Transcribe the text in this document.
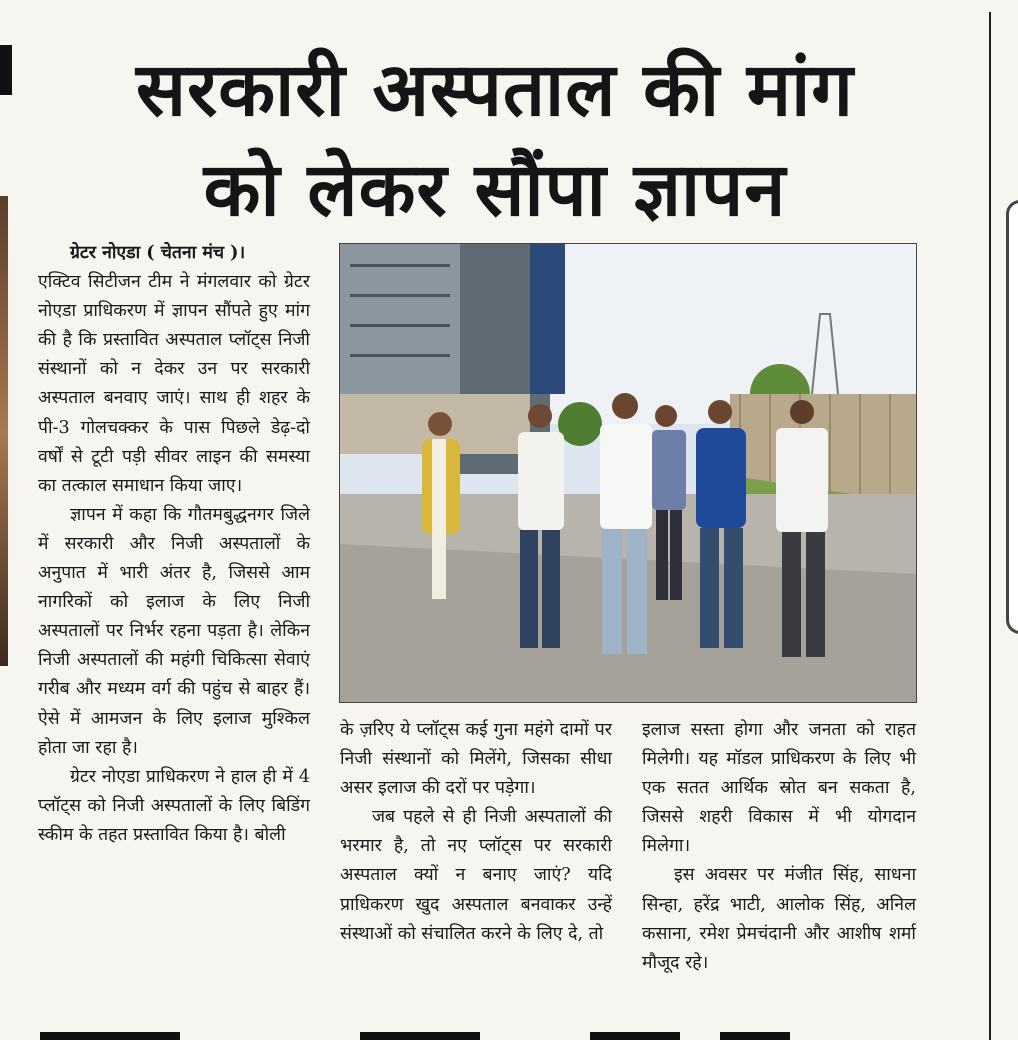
सरकारी अस्पताल की मांग
को लेकर सौंपा ज्ञापन

ग्रेटर नोएडा ( चेतना मंच )।

एक्टिव सिटीजन टीम ने मंगलवार को ग्रेटर नोएडा प्राधिकरण में ज्ञापन सौंपते हुए मांग की है कि प्रस्तावित अस्पताल प्लॉट्स निजी संस्थानों को न देकर उन पर सरकारी अस्पताल बनवाए जाएं। साथ ही शहर के पी-3 गोलचक्कर के पास पिछले डेढ़-दो वर्षों से टूटी पड़ी सीवर लाइन की समस्या का तत्काल समाधान किया जाए।

ज्ञापन में कहा कि गौतमबुद्धनगर जिले में सरकारी और निजी अस्पतालों के अनुपात में भारी अंतर है, जिससे आम नागरिकों को इलाज के लिए निजी अस्पतालों पर निर्भर रहना पड़ता है। लेकिन निजी अस्पतालों की महंगी चिकित्सा सेवाएं गरीब और मध्यम वर्ग की पहुंच से बाहर हैं। ऐसे में आमजन के लिए इलाज मुश्किल होता जा रहा है।

ग्रेटर नोएडा प्राधिकरण ने हाल ही में 4 प्लॉट्स को निजी अस्पतालों के लिए बिडिंग स्कीम के तहत प्रस्तावित किया है। बोली

के ज़रिए ये प्लॉट्स कई गुना महंगे दामों पर निजी संस्थानों को मिलेंगे, जिसका सीधा असर इलाज की दरों पर पड़ेगा।

जब पहले से ही निजी अस्पतालों की भरमार है, तो नए प्लॉट्स पर सरकारी अस्पताल क्यों न बनाए जाएं? यदि प्राधिकरण खुद अस्पताल बनवाकर उन्हें संस्थाओं को संचालित करने के लिए दे, तो

इलाज सस्ता होगा और जनता को राहत मिलेगी। यह मॉडल प्राधिकरण के लिए भी एक सतत आर्थिक स्रोत बन सकता है, जिससे शहरी विकास में भी योगदान मिलेगा।

इस अवसर पर मंजीत सिंह, साधना सिन्हा, हरेंद्र भाटी, आलोक सिंह, अनिल कसाना, रमेश प्रेमचंदानी और आशीष शर्मा मौजूद रहे।
